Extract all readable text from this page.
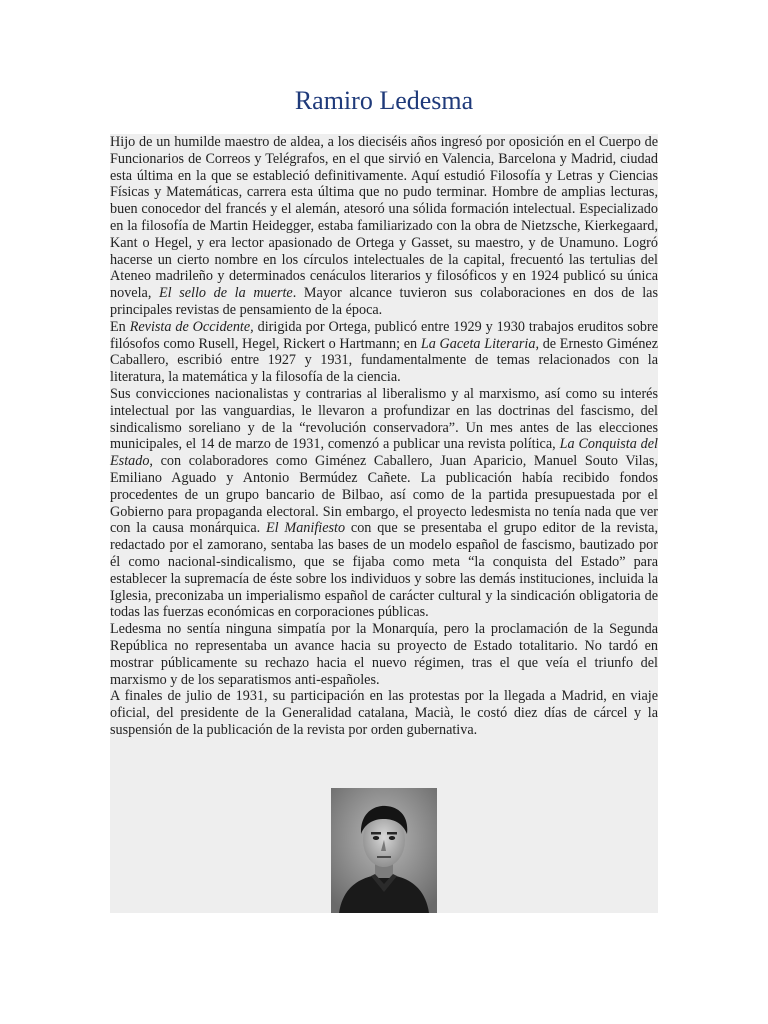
Ramiro Ledesma

Hijo de un humilde maestro de aldea, a los dieciséis años ingresó por oposición en el Cuerpo de Funcionarios de Correos y Telégrafos, en el que sirvió en Valencia, Barcelona y Madrid, ciudad esta última en la que se estableció definitivamente. Aquí estudió Filosofía y Letras y Ciencias Físicas y Matemáticas, carrera esta última que no pudo terminar. Hombre de amplias lecturas, buen conocedor del francés y el alemán, atesoró una sólida formación intelectual. Especializado en la filosofía de Martin Heidegger, estaba familiarizado con la obra de Nietzsche, Kierkegaard, Kant o Hegel, y era lector apasionado de Ortega y Gasset, su maestro, y de Unamuno. Logró hacerse un cierto nombre en los círculos intelectuales de la capital, frecuentó las tertulias del Ateneo madrileño y determinados cenáculos literarios y filosóficos y en 1924 publicó su única novela, El sello de la muerte. Mayor alcance tuvieron sus colaboraciones en dos de las principales revistas de pensamiento de la época.

En Revista de Occidente, dirigida por Ortega, publicó entre 1929 y 1930 trabajos eruditos sobre filósofos como Rusell, Hegel, Rickert o Hartmann; en La Gaceta Literaria, de Ernesto Giménez Caballero, escribió entre 1927 y 1931, fundamentalmente de temas relacionados con la literatura, la matemática y la filosofía de la ciencia.

Sus convicciones nacionalistas y contrarias al liberalismo y al marxismo, así como su interés intelectual por las vanguardias, le llevaron a profundizar en las doctrinas del fascismo, del sindicalismo soreliano y de la “revolución conservadora”. Un mes antes de las elecciones municipales, el 14 de marzo de 1931, comenzó a publicar una revista política, La Conquista del Estado, con colaboradores como Giménez Caballero, Juan Aparicio, Manuel Souto Vilas, Emiliano Aguado y Antonio Bermúdez Cañete. La publicación había recibido fondos procedentes de un grupo bancario de Bilbao, así como de la partida presupuestada por el Gobierno para propaganda electoral. Sin embargo, el proyecto ledesmista no tenía nada que ver con la causa monárquica. El Manifiesto con que se presentaba el grupo editor de la revista, redactado por el zamorano, sentaba las bases de un modelo español de fascismo, bautizado por él como nacional-sindicalismo, que se fijaba como meta “la conquista del Estado” para establecer la supremacía de éste sobre los individuos y sobre las demás instituciones, incluida la Iglesia, preconizaba un imperialismo español de carácter cultural y la sindicación obligatoria de todas las fuerzas económicas en corporaciones públicas.

Ledesma no sentía ninguna simpatía por la Monarquía, pero la proclamación de la Segunda República no representaba un avance hacia su proyecto de Estado totalitario. No tardó en mostrar públicamente su rechazo hacia el nuevo régimen, tras el que veía el triunfo del marxismo y de los separatismos anti-españoles.

A finales de julio de 1931, su participación en las protestas por la llegada a Madrid, en viaje oficial, del presidente de la Generalidad catalana, Macià, le costó diez días de cárcel y la suspensión de la publicación de la revista por orden gubernativa.
